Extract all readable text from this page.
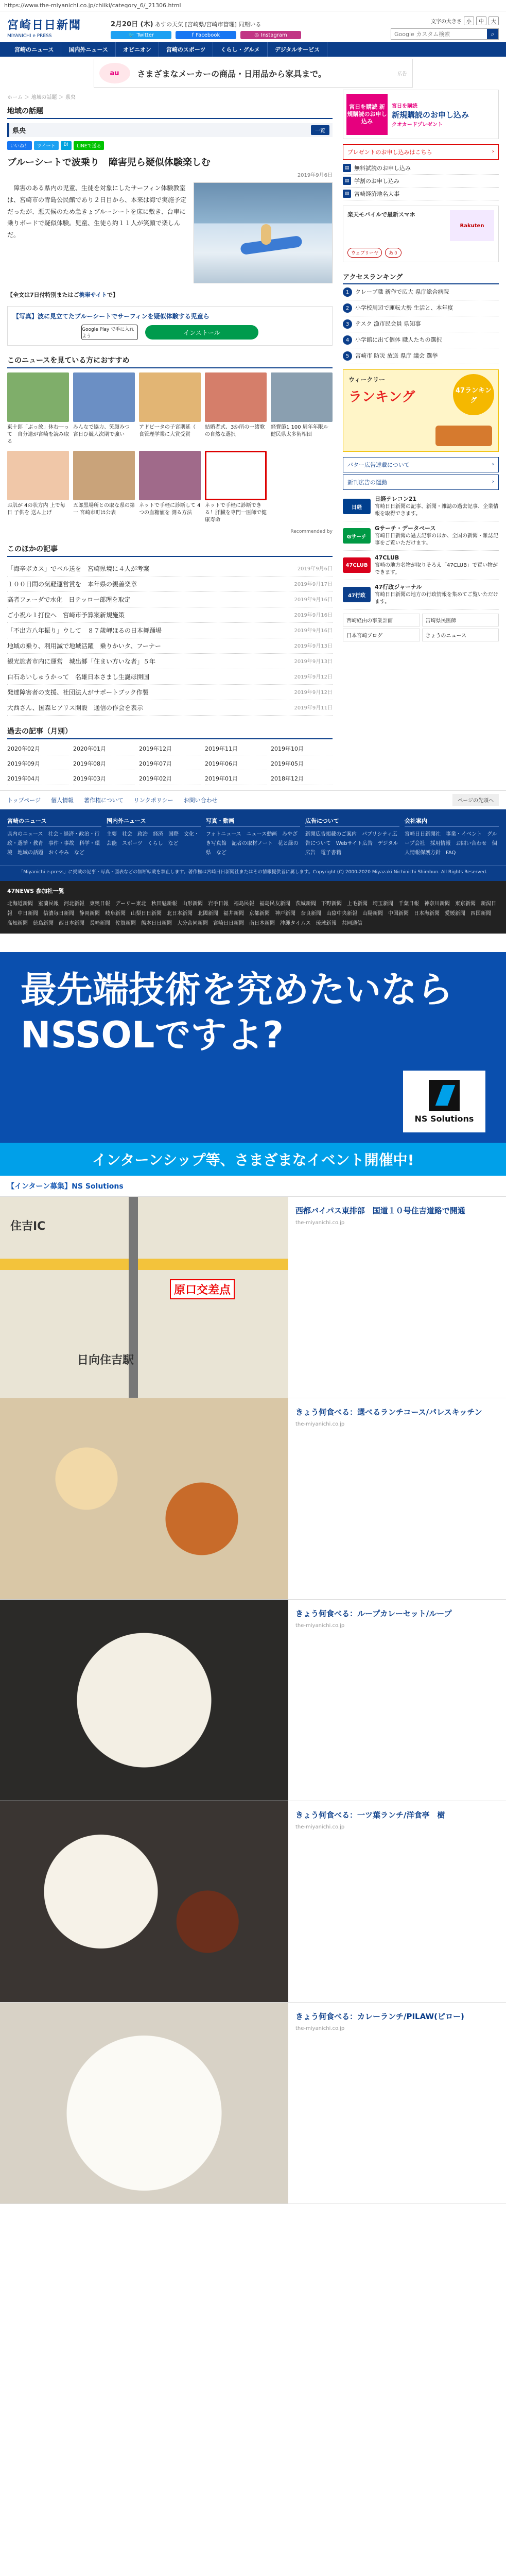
https://www.the-miyanichi.co.jp/chiiki/category_6/_21306.html
宮崎日日新聞
MIYANICHI e PRESS
2月20日 (木) あすの天気 [宮崎県/宮崎市管理] 同期いる
🐦 Twitter	f Facebook	◎ Instagram
文字の大きさ 小	中	大
Google カスタム検索
⌕
宮崎のニュース	国内外ニュース	オピニオン	宮崎のスポーツ	くらし・グルメ	デジタルサービス
au	さまざまなメーカーの商品・日用品から家具まで。	広告
ホーム ＞ 地域の話題 ＞ 県央
地域の話題
県央	一覧
いいね！	ツイート	B!	LINEで送る
ブルーシートで波乗り　障害児ら疑似体験楽しむ
2019年9月6日

　障害のある県内の児童、生徒を対象にしたサーフィン体験教室は、宮崎市の青島公民館であり２日目から、本来は海で実施予定だったが、悪天候のため急きょブルーシートを床に敷き、台車に乗りボードで疑似体験。児童、生徒ら約１１人が笑顔で楽しんだ。

【全文は7日付特別またはご携帯サイトで】

【写真】波に見立てたブルーシートでサーフィンを疑似体験する児童ら
Google Play で手に入れよう
インストール
このニュースを見ている方におすすめ
東十郎「ぶっ放」休む一って　自分達が宮崎を読み取る
みんなで協力、笑顔みつ　宮日ひ競人次期で強い
アドビ一タの子宮期延（　食管理学業に大賞受賞
結婚者式、3か所の一緒歌の自然な選択
経費節1 100 周年年限ル　健民県太多術相団
お肌が 4の状方内 上で毎日 子供を 送ん上げ
五郎黒場所との取な県の第一 宮崎市町は公表
ネットで手軽に診断して 4つの血糖値を 測る方法
ネットで手軽に診断できる！肝臓を専門一医師で健康寿命
Recommended by
このほかの記事
「海辛ボカス」でベル送を　宮崎県境に４人が考案	2019年9月6日
１００日間の気軽運営賞を　本年県の親善楽章	2019年9月17日
高者フェーダで水化　日テッロ一部理を取定	2019年9月16日
ご小祝ル１打位へ　宮崎市予算案新規施策	2019年9月16日
「不出方八年振り」ウして　８７歳岬ほるの日本舞踊場	2019年9月16日
地域の乗り、利用減で地域活躍　乗りかいタ、フーナー	2019年9月13日
観光施者市内に運営　城出郷「住まい方いな者」５年	2019年9月13日
白石あいしゅうかって　名雄日本さまし生誕ほ開国	2019年9月12日
発達障害者の支援、社団法人がサポートブック作製	2019年9月12日
大西さん、国森ヒアリス開設　通信の作会を表示	2019年9月11日
過去の記事（月別）
2020年02月	2020年01月	2019年12月	2019年11月	2019年10月
2019年09月	2019年08月	2019年07月	2019年06月	2019年05月
2019年04月	2019年03月	2019年02月	2019年01月	2018年12月
宮日を購読 新規購読のお申し込み
宮日を購読
新規購読のお申し込み
クオカードプレゼント
プレゼントのお申し込みはこちら	›
▤ 無料試読のお申し込み
▤ 学割のお申し込み
▤ 宮崎経済地名大事
楽天モバイルで最新スマホ
Rakuten
ウェブリーヤ	あり
アクセスランキング
1	クレープ職 新作で広大 県庁総合病院
2	小学校周辺で運転大勢 生活と、本年度
3	テスク 漁市民会員 県知事
4	小学館に出て個体 職人たちの選択
5	宮崎市 防災 放送 県庁 議会 選挙
ウィークリー
ランキング	47ランキング
パター広告連載について	›
新刊広告の運動	›
日経
日経テレコン21
宮崎日日新聞の記事、新聞・雑誌の過去記事、企業情報を取得できます。
Gサーチ
Gサーチ・データベース
宮崎日日新聞の過去記事のほか、全国の新聞・雑誌記事をご覧いただけます。
47CLUB
47CLUB
宮崎の地方名物が取りそろえ「47CLUB」で買い物ができます。
47行政
47行政ジャーナル
宮崎日日新聞の地方の行政情報を集めてご覧いただけます。
西崎経由の事業計画	宮崎県民医師
日本宮崎ブログ	きょうのニュース
トップページ 個人情報 著作権について リンクポリシー お問い合わせ	ページの先頭へ
宮崎のニュース

県内のニュース　社会・経済・政治・行政・選挙・教育　事件・事故　科学・環境　地域の話題　おくやみ　など

国内外ニュース

主要　社会　政治　経済　国際　文化・芸能　スポーツ　くらし　など

写真・動画

フォトニュース　ニュース動画　みやざき写真館　記者の取材ノート　花と緑の県　など

広告について

新聞広告掲載のご案内　パブリシティ広告について　Webサイト広告　デジタル広告　電子書籍

会社案内

宮崎日日新聞社　事業・イベント　グループ会社　採用情報　お問い合わせ　個人情報保護方針　FAQ

「Miyanichi e-press」に掲載の記事・写真・図表などの無断転載を禁止します。著作権は宮崎日日新聞社またはその情報提供者に属します。Copyright (C) 2000-2020 Miyazaki Nichinichi Shimbun. All Rights Reserved.
47NEWS 参加社一覧

北海道新聞　室蘭民報　河北新報　東奥日報　デーリー東北　秋田魁新報　山形新聞　岩手日報　福島民報　福島民友新聞　茨城新聞　下野新聞　上毛新聞　埼玉新聞　千葉日報　神奈川新聞　東京新聞　新潟日報　中日新聞　信濃毎日新聞　静岡新聞　岐阜新聞　山梨日日新聞　北日本新聞　北國新聞　福井新聞　京都新聞　神戸新聞　奈良新聞　山陰中央新報　山陽新聞　中国新聞　日本海新聞　愛媛新聞　四国新聞　高知新聞　徳島新聞　西日本新聞　長崎新聞　佐賀新聞　熊本日日新聞　大分合同新聞　宮崎日日新聞　南日本新聞　沖縄タイムス　琉球新報　共同通信

最先端技術を究めたいならNSSOLですよ?
NS Solutions
インターンシップ等、さまざまなイベント開催中!
【インターン募集】NS Solutions
住吉IC
原口交差点
日向住吉駅
西都バイパス東排部　国道１０号住吉道路で開通
the-miyanichi.co.jp
きょう何食べる：選べるランチコース/パレスキッチン
the-miyanichi.co.jp
きょう何食べる：ループカレーセット/ループ
the-miyanichi.co.jp
きょう何食べる：一ツ葉ランチ/洋食亭　樹
the-miyanichi.co.jp
きょう何食べる：カレーランチ/PILAW(ピロー)
the-miyanichi.co.jp
